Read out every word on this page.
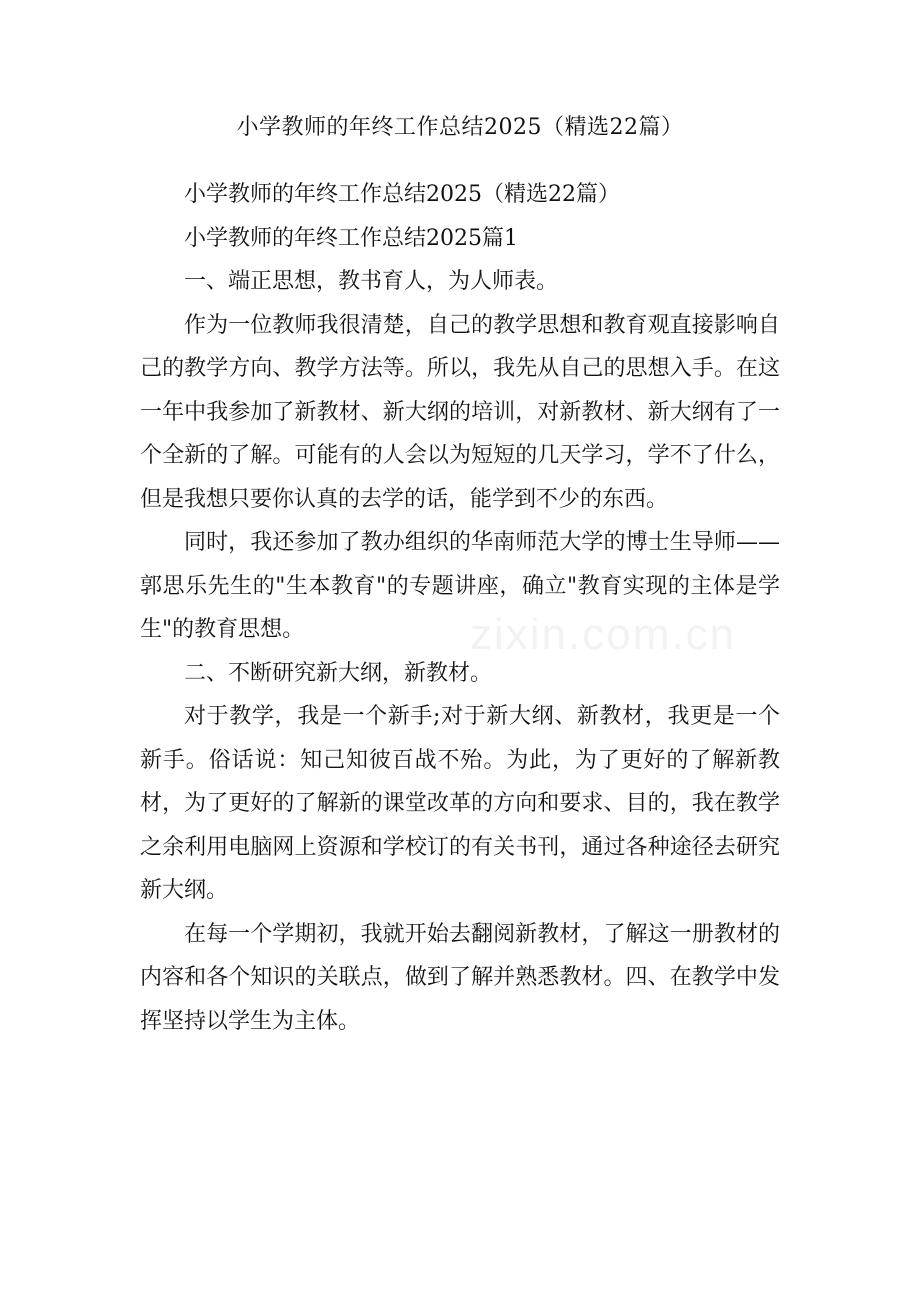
小学教师的年终工作总结2025（精选22篇）

小学教师的年终工作总结2025（精选22篇）

小学教师的年终工作总结2025篇1

一、端正思想，教书育人，为人师表。

作为一位教师我很清楚，自己的教学思想和教育观直接影响自己的教学方向、教学方法等。所以，我先从自己的思想入手。在这一年中我参加了新教材、新大纲的培训，对新教材、新大纲有了一个全新的了解。可能有的人会以为短短的几天学习，学不了什么，但是我想只要你认真的去学的话，能学到不少的东西。

同时，我还参加了教办组织的华南师范大学的博士生导师——郭思乐先生的"生本教育"的专题讲座，确立"教育实现的主体是学生"的教育思想。

二、不断研究新大纲，新教材。

对于教学，我是一个新手;对于新大纲、新教材，我更是一个新手。俗话说：知己知彼百战不殆。为此，为了更好的了解新教材，为了更好的了解新的课堂改革的方向和要求、目的，我在教学之余利用电脑网上资源和学校订的有关书刊，通过各种途径去研究新大纲。

在每一个学期初，我就开始去翻阅新教材，了解这一册教材的内容和各个知识的关联点，做到了解并熟悉教材。四、在教学中发挥坚持以学生为主体。

zixin.com.cn
